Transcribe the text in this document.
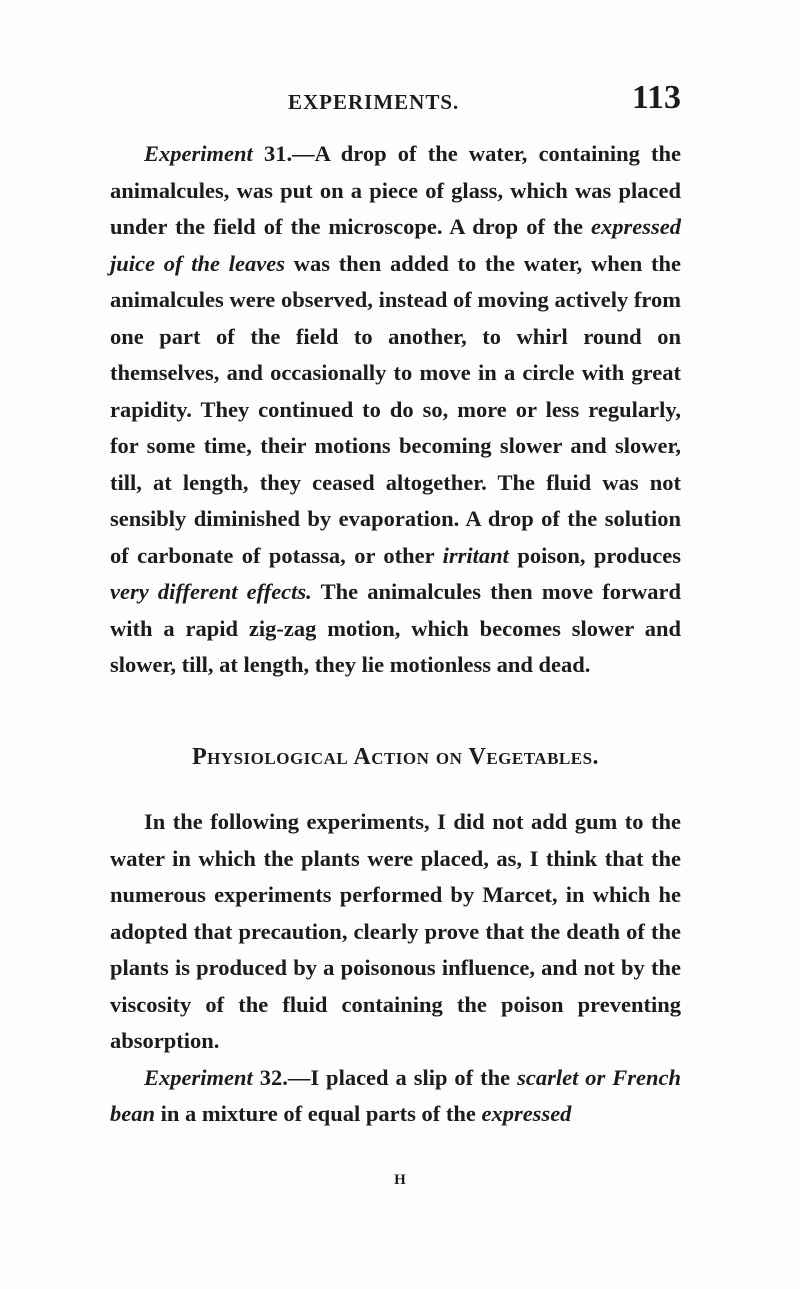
EXPERIMENTS.	113

Experiment 31.—A drop of the water, containing the animalcules, was put on a piece of glass, which was placed under the field of the microscope. A drop of the expressed juice of the leaves was then added to the water, when the animalcules were observed, instead of moving actively from one part of the field to another, to whirl round on themselves, and occasionally to move in a circle with great rapidity. They continued to do so, more or less regularly, for some time, their motions becoming slower and slower, till, at length, they ceased altogether. The fluid was not sensibly diminished by evaporation. A drop of the solution of carbonate of potassa, or other irritant poison, produces very different effects. The animalcules then move forward with a rapid zig-zag motion, which becomes slower and slower, till, at length, they lie motionless and dead.

Physiological Action on Vegetables.

In the following experiments, I did not add gum to the water in which the plants were placed, as, I think that the numerous experiments performed by Marcet, in which he adopted that precaution, clearly prove that the death of the plants is produced by a poisonous influence, and not by the viscosity of the fluid containing the poison preventing absorption.

Experiment 32.—I placed a slip of the scarlet or French bean in a mixture of equal parts of the expressed

H
